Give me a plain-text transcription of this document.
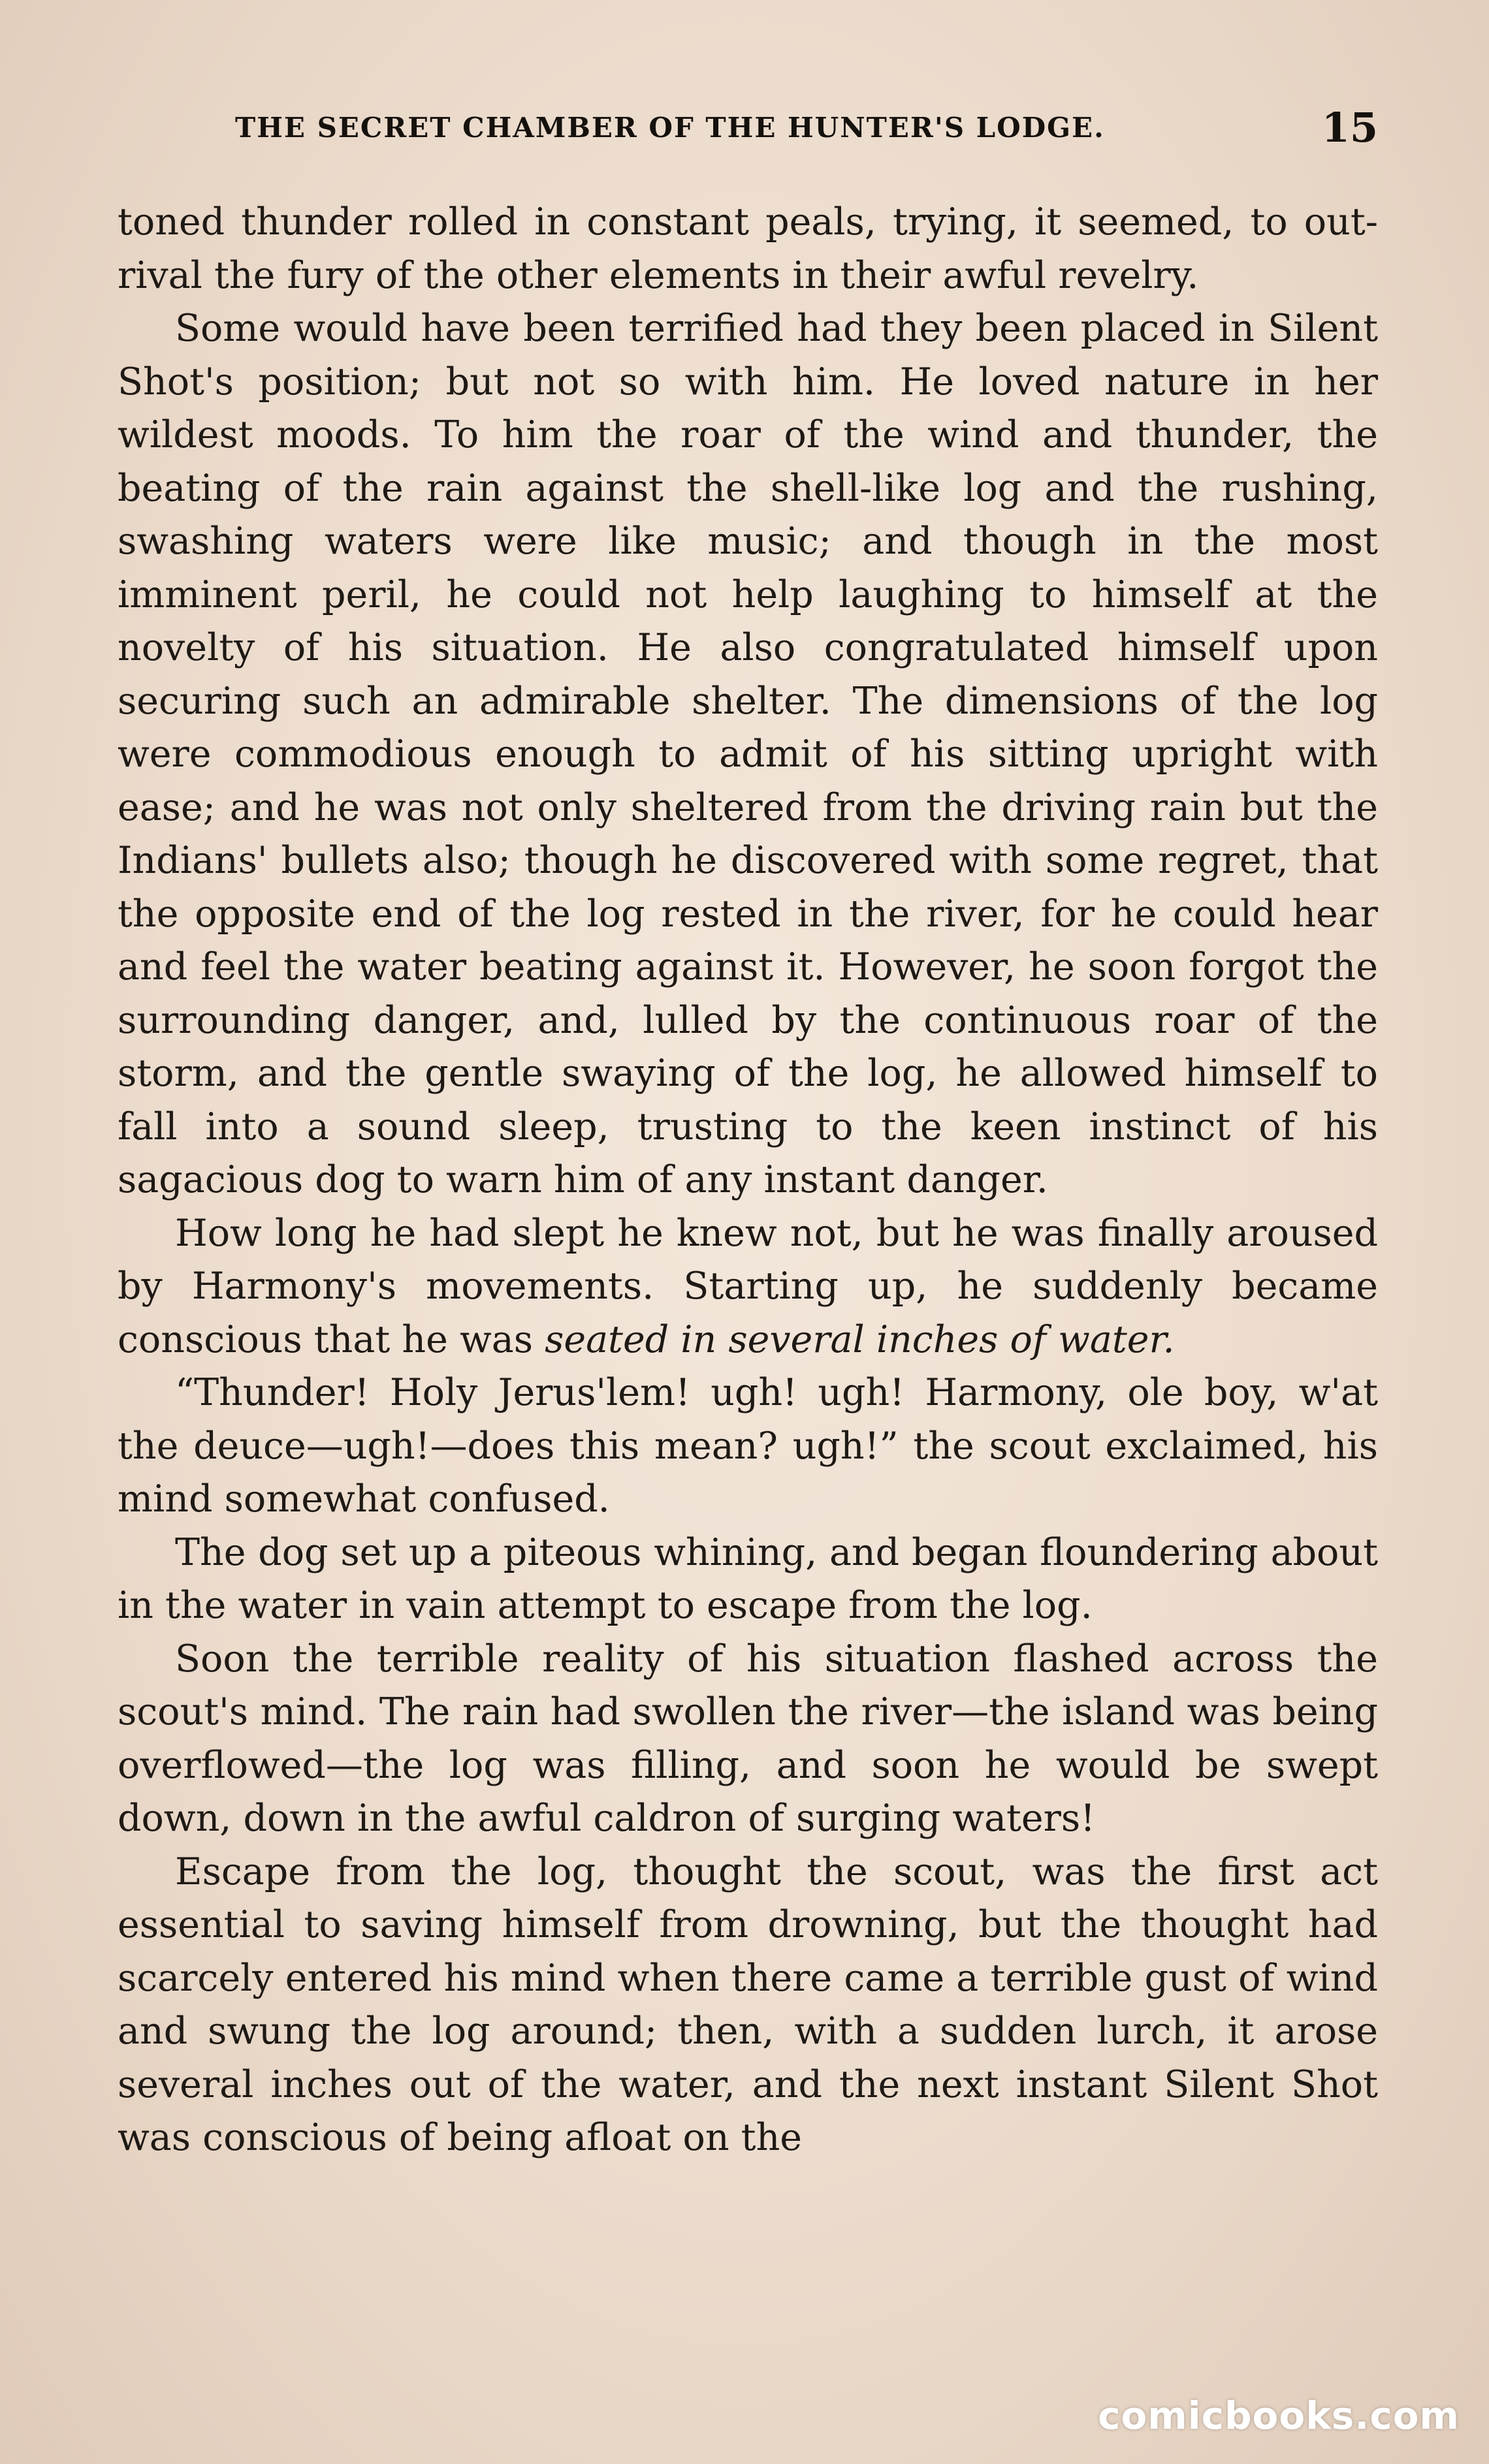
THE SECRET CHAMBER OF THE HUNTER'S LODGE.	15

toned thunder rolled in constant peals, trying, it seemed, to out-rival the fury of the other elements in their awful revelry.

Some would have been terrified had they been placed in Silent Shot's position; but not so with him. He loved nature in her wildest moods. To him the roar of the wind and thunder, the beating of the rain against the shell-like log and the rushing, swashing waters were like music; and though in the most imminent peril, he could not help laughing to himself at the novelty of his situation. He also congratulated himself upon securing such an admirable shelter. The dimensions of the log were commodious enough to admit of his sitting upright with ease; and he was not only sheltered from the driving rain but the Indians' bullets also; though he discovered with some regret, that the opposite end of the log rested in the river, for he could hear and feel the water beating against it. However, he soon forgot the surrounding danger, and, lulled by the continuous roar of the storm, and the gentle swaying of the log, he allowed himself to fall into a sound sleep, trusting to the keen instinct of his sagacious dog to warn him of any instant danger.

How long he had slept he knew not, but he was finally aroused by Harmony's movements. Starting up, he suddenly became conscious that he was seated in several inches of water.

“Thunder! Holy Jerus'lem! ugh! ugh! Harmony, ole boy, w'at the deuce—ugh!—does this mean? ugh!” the scout exclaimed, his mind somewhat confused.

The dog set up a piteous whining, and began floundering about in the water in vain attempt to escape from the log.

Soon the terrible reality of his situation flashed across the scout's mind. The rain had swollen the river—the island was being overflowed—the log was filling, and soon he would be swept down, down in the awful caldron of surging waters!

Escape from the log, thought the scout, was the first act essential to saving himself from drowning, but the thought had scarcely entered his mind when there came a terrible gust of wind and swung the log around; then, with a sudden lurch, it arose several inches out of the water, and the next instant Silent Shot was conscious of being afloat on the

comicbooks.com
